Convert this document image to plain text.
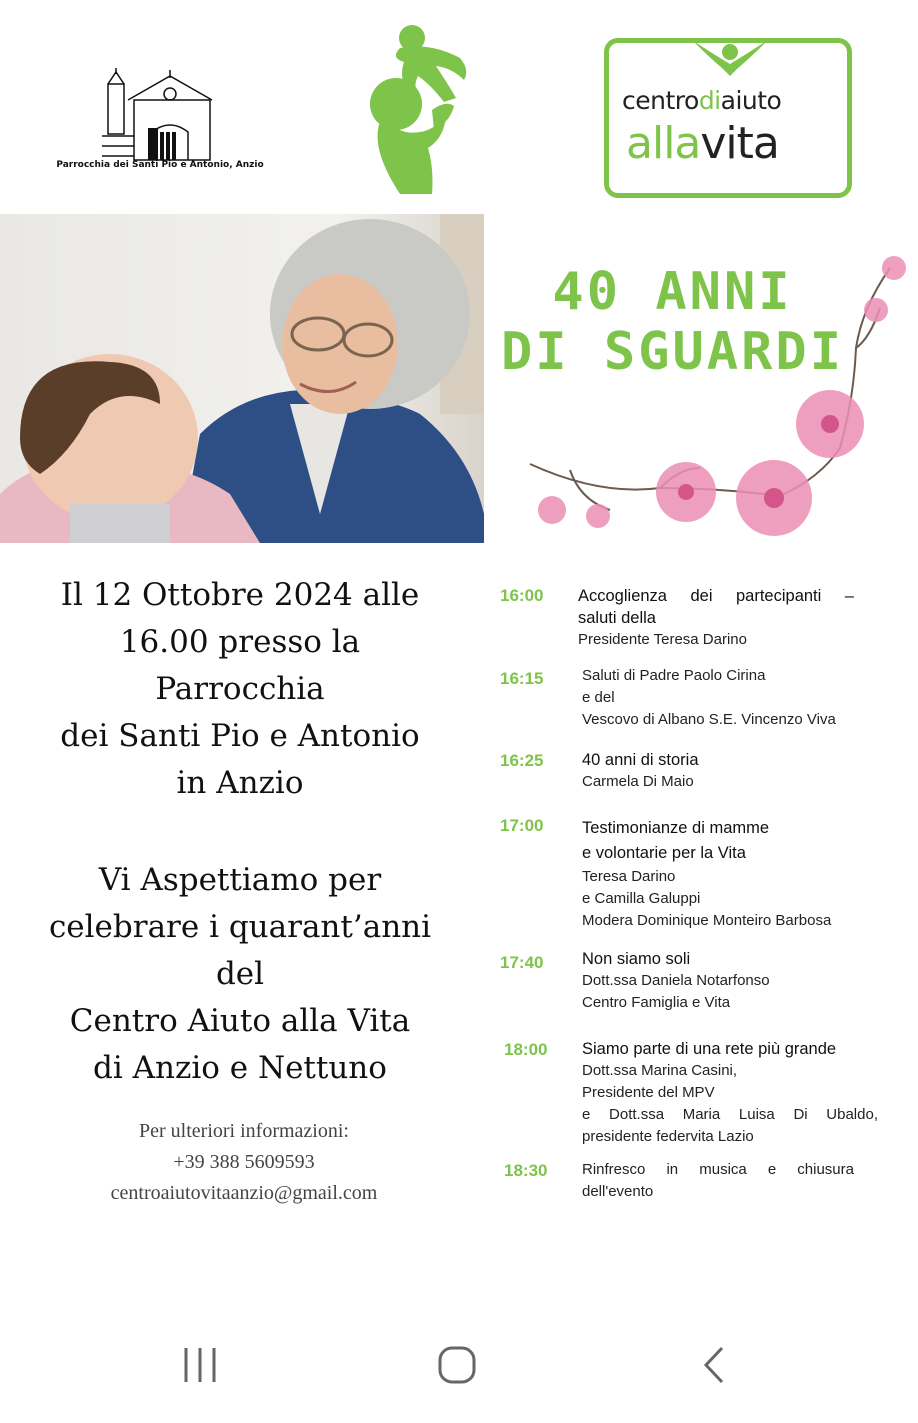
Parrocchia dei Santi Pio e Antonio, Anzio
centrodiaiuto
allavita
40 ANNI
DI SGUARDI
Il 12 Ottobre 2024 alle
16.00 presso la
Parrocchia
dei Santi Pio e Antonio
in Anzio
Vi Aspettiamo per
celebrare i quarant’anni
del
Centro Aiuto alla Vita
di Anzio e Nettuno
Per ulteriori informazioni:
+39 388 5609593
centroaiutovitaanzio@gmail.com
16:00 Accoglienza dei partecipanti –
saluti della
Presidente Teresa Darino
16:15	Saluti di Padre Paolo Cirina
e del
Vescovo di Albano S.E. Vincenzo Viva
16:25 40 anni di storia
Carmela Di Maio
17:00 Testimonianze di mamme
e volontarie per la Vita
Teresa Darino
e Camilla Galuppi
Modera Dominique Monteiro Barbosa
17:40 Non siamo soli
Dott.ssa Daniela Notarfonso
Centro Famiglia e Vita
18:00 Siamo parte di una rete più grande
Dott.ssa Marina Casini,
Presidente del MPV
e Dott.ssa Maria Luisa Di Ubaldo,
presidente federvita Lazio
18:30 Rinfresco in musica e chiusura
dell'evento
